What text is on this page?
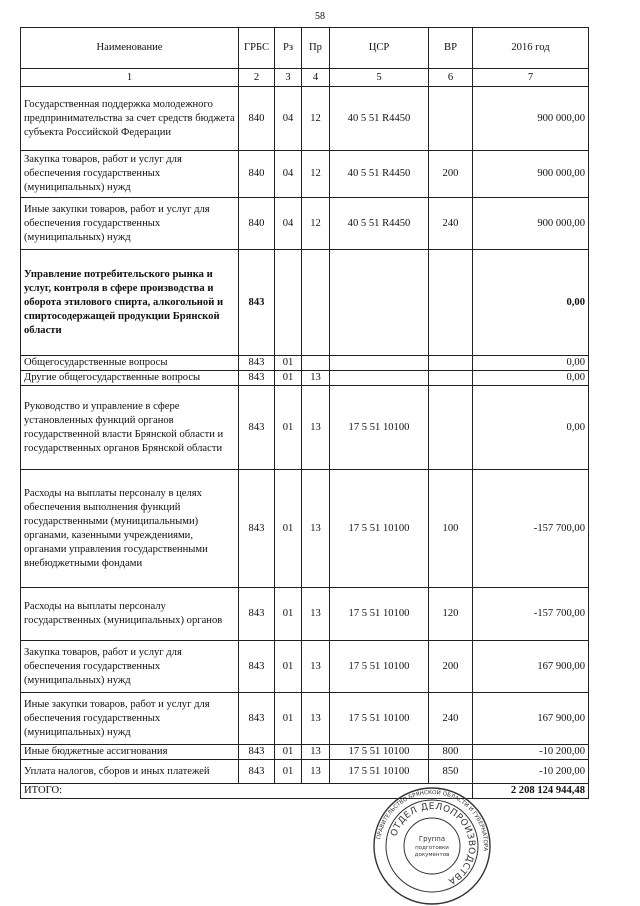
58
Наименование	ГРБС	Рз	Пр	ЦСР	ВР	2016 год
1	2	3	4	5	6	7
Государственная поддержка молодежного предпринимательства за счет средств бюджета субъекта Российской Федерации	840	04	12	40 5 51 R4450		900 000,00
Закупка товаров, работ и услуг для обеспечения государственных (муниципальных) нужд	840	04	12	40 5 51 R4450	200	900 000,00
Иные закупки товаров, работ и услуг для обеспечения государственных (муниципальных) нужд	840	04	12	40 5 51 R4450	240	900 000,00
Управление потребительского рынка и услуг, контроля в сфере производства и оборота этилового спирта, алкогольной и спиртосодержащей продукции Брянской области	843					0,00
Общегосударственные вопросы	843	01				0,00
Другие общегосударственные вопросы	843	01	13			0,00
Руководство и управление в сфере установленных функций органов государственной власти Брянской области и государственных органов Брянской области	843	01	13	17 5 51 10100		0,00
Расходы на выплаты персоналу в целях обеспечения выполнения функций государственными (муниципальными) органами, казенными учреждениями, органами управления государственными внебюджетными фондами	843	01	13	17 5 51 10100	100	-157 700,00
Расходы на выплаты персоналу государственных (муниципальных) органов	843	01	13	17 5 51 10100	120	-157 700,00
Закупка товаров, работ и услуг для обеспечения государственных (муниципальных) нужд	843	01	13	17 5 51 10100	200	167 900,00
Иные закупки товаров, работ и услуг для обеспечения государственных (муниципальных) нужд	843	01	13	17 5 51 10100	240	167 900,00
Иные бюджетные ассигнования	843	01	13	17 5 51 10100	800	-10 200,00
Уплата налогов, сборов и иных платежей	843	01	13	17 5 51 10100	850	-10 200,00
ИТОГО:						2 208 124 944,48
ПРАВИТЕЛЬСТВО БРЯНСКОЙ ОБЛАСТИ И ГУБЕРНАТОРА
ОТДЕЛ ДЕЛОПРОИЗВОДСТВА
Группа
подготовки
документов
